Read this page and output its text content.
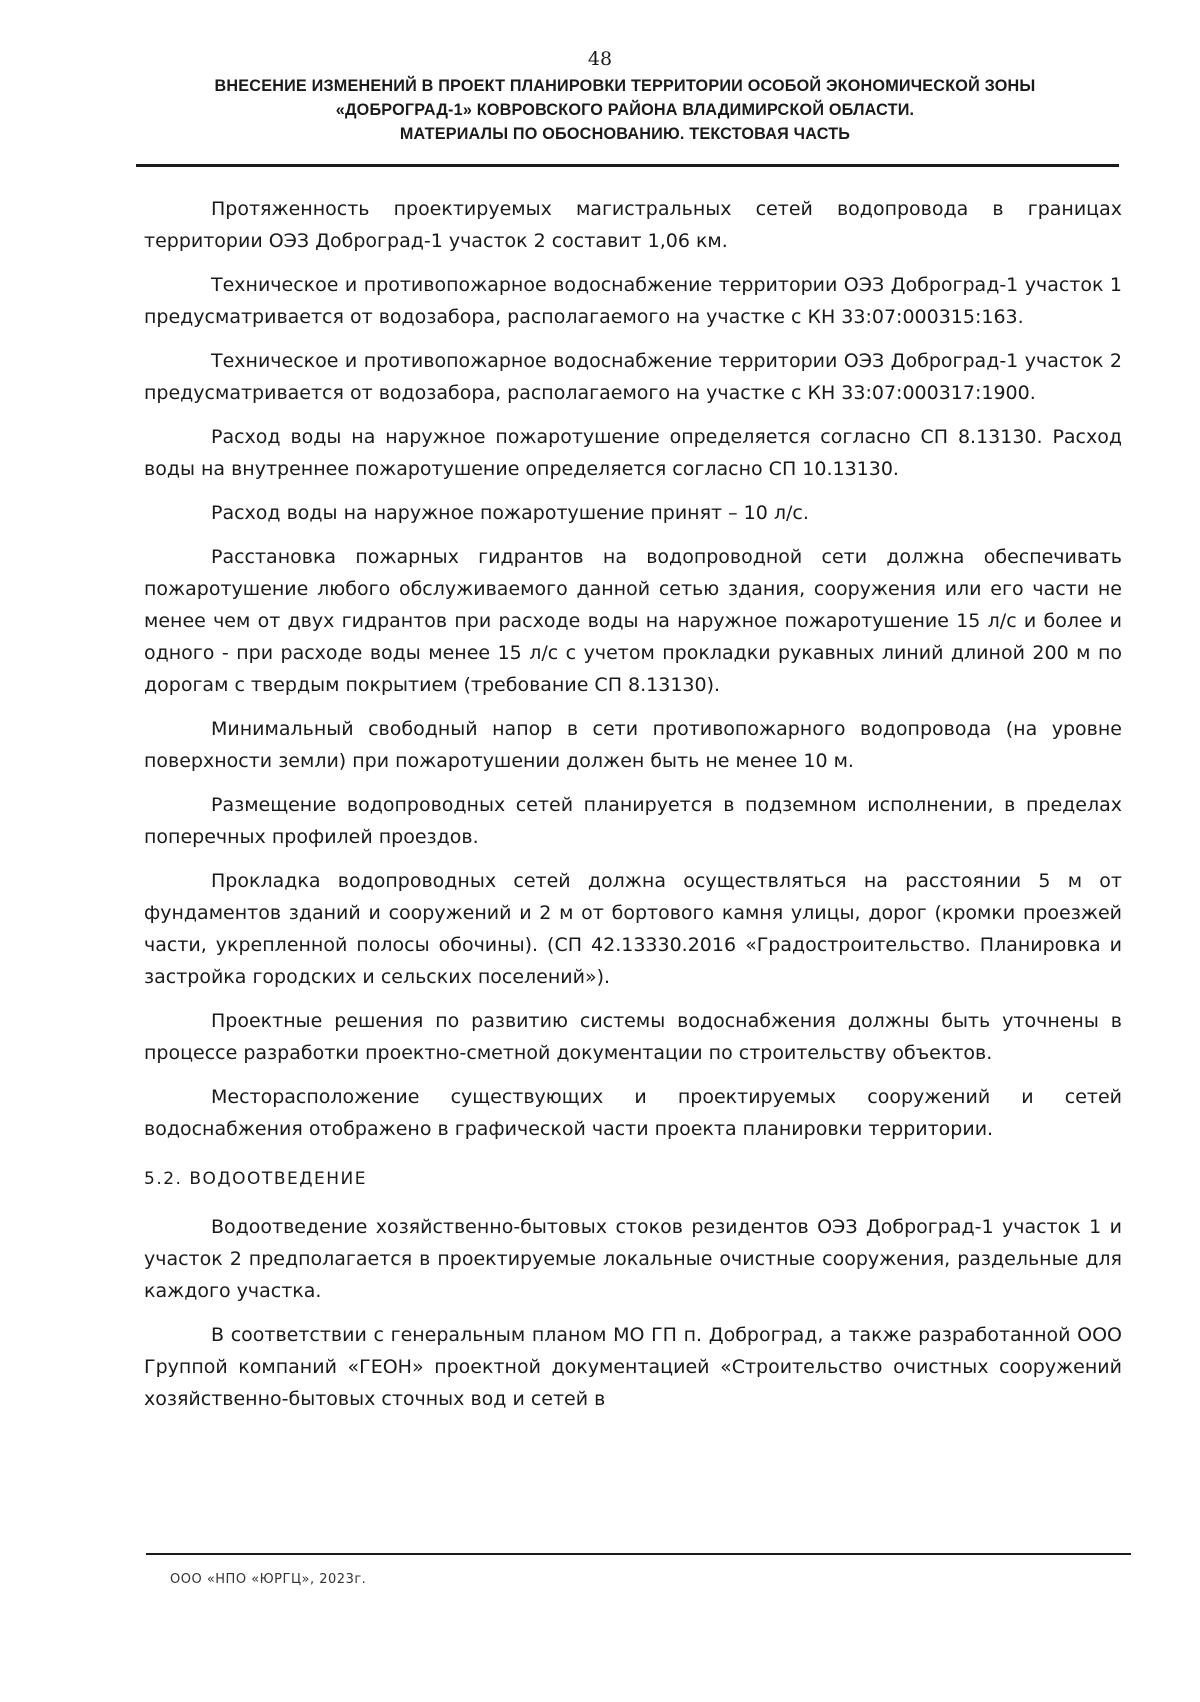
48
ВНЕСЕНИЕ ИЗМЕНЕНИЙ В ПРОЕКТ ПЛАНИРОВКИ ТЕРРИТОРИИ ОСОБОЙ ЭКОНОМИЧЕСКОЙ ЗОНЫ
«ДОБРОГРАД-1» КОВРОВСКОГО РАЙОНА ВЛАДИМИРСКОЙ ОБЛАСТИ.
МАТЕРИАЛЫ ПО ОБОСНОВАНИЮ. ТЕКСТОВАЯ ЧАСТЬ

Протяженность проектируемых магистральных сетей водопровода в границах территории ОЭЗ Доброград-1 участок 2 составит 1,06 км.

Техническое и противопожарное водоснабжение территории ОЭЗ Доброград-1 участок 1 предусматривается от водозабора, располагаемого на участке с КН 33:07:000315:163.

Техническое и противопожарное водоснабжение территории ОЭЗ Доброград-1 участок 2 предусматривается от водозабора, располагаемого на участке с КН 33:07:000317:1900.

Расход воды на наружное пожаротушение определяется согласно СП 8.13130. Расход воды на внутреннее пожаротушение определяется согласно СП 10.13130.

Расход воды на наружное пожаротушение принят – 10 л/с.

Расстановка пожарных гидрантов на водопроводной сети должна обеспечивать пожаротушение любого обслуживаемого данной сетью здания, сооружения или его части не менее чем от двух гидрантов при расходе воды на наружное пожаротушение 15 л/с и более и одного - при расходе воды менее 15 л/с с учетом прокладки рукавных линий длиной 200 м по дорогам с твердым покрытием (требование СП 8.13130).

Минимальный свободный напор в сети противопожарного водопровода (на уровне поверхности земли) при пожаротушении должен быть не менее 10 м.

Размещение водопроводных сетей планируется в подземном исполнении, в пределах поперечных профилей проездов.

Прокладка водопроводных сетей должна осуществляться на расстоянии 5 м от фундаментов зданий и сооружений и 2 м от бортового камня улицы, дорог (кромки проезжей части, укрепленной полосы обочины). (СП 42.13330.2016 «Градостроительство. Планировка и застройка городских и сельских поселений»).

Проектные решения по развитию системы водоснабжения должны быть уточнены в процессе разработки проектно-сметной документации по строительству объектов.

Месторасположение существующих и проектируемых сооружений и сетей водоснабжения отображено в графической части проекта планировки территории.

5.2. ВОДООТВЕДЕНИЕ

Водоотведение хозяйственно-бытовых стоков резидентов ОЭЗ Доброград-1 участок 1 и участок 2 предполагается в проектируемые локальные очистные сооружения, раздельные для каждого участка.

В соответствии с генеральным планом МО ГП п. Доброград, а также разработанной ООО Группой компаний «ГЕОН» проектной документацией «Строительство очистных сооружений хозяйственно-бытовых сточных вод и сетей в

ООО «НПО «ЮРГЦ», 2023г.
